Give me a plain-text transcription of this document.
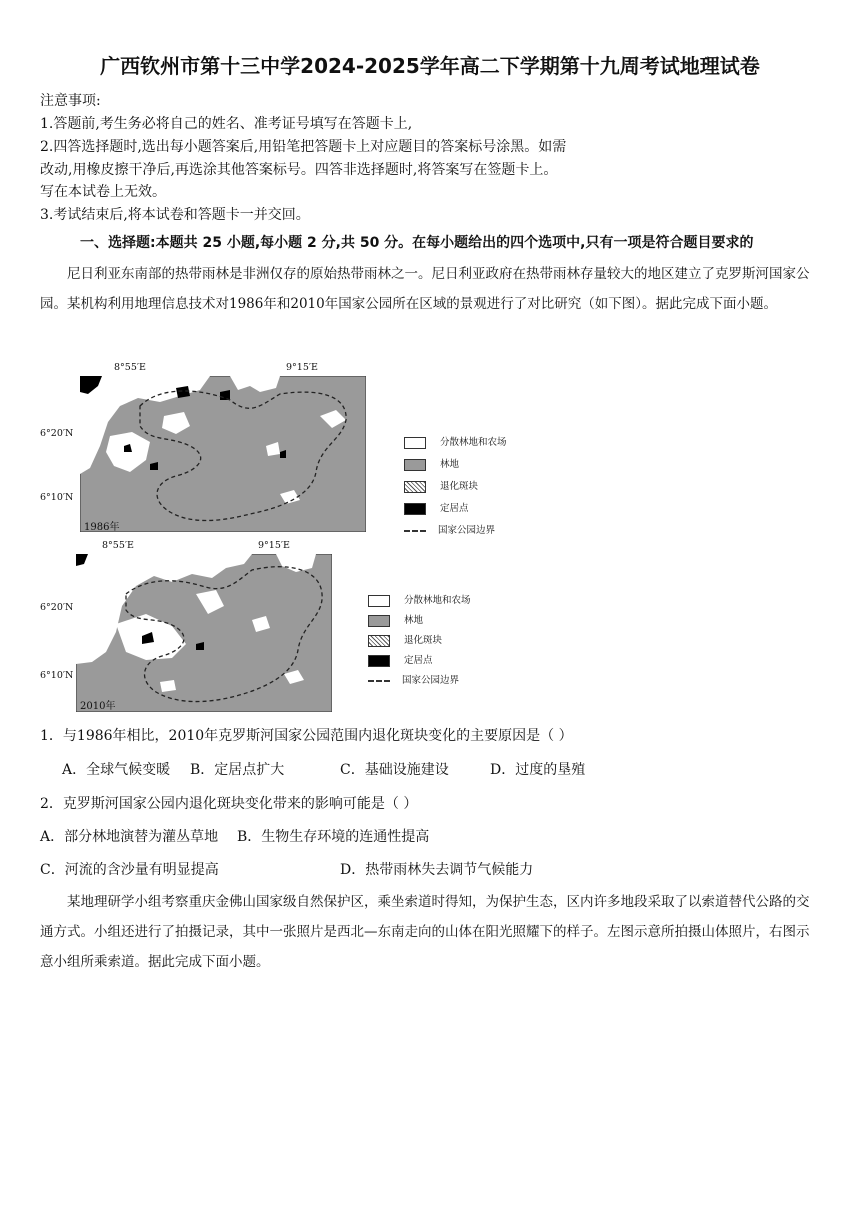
广西钦州市第十三中学2024-2025学年高二下学期第十九周考试地理试卷
注意事项:
1.答题前,考生务必将自己的姓名、准考证号填写在答题卡上,
2.四答选择题时,选出每小题答案后,用铅笔把答题卡上对应题目的答案标号涂黑。如需
改动,用橡皮擦干净后,再选涂其他答案标号。四答非选择题时,将答案写在签题卡上。
写在本试卷上无效。
3.考试结束后,将本试卷和答题卡一并交回。
一、选择题:本题共 25 小题,每小题 2 分,共 50 分。在每小题给出的四个选项中,只有一项是符合题目要求的
尼日利亚东南部的热带雨林是非洲仅存的原始热带雨林之一。尼日利亚政府在热带雨林存量较大的地区建立了克罗斯河国家公园。某机构利用地理信息技术对1986年和2010年国家公园所在区域的景观进行了对比研究（如下图）。据此完成下面小题。
8°55′E	9°15′E
6°20′N
6°10′N
1986年
分散林地和农场
林地
退化斑块
定居点
国家公园边界
8°55′E	9°15′E
6°20′N
6°10′N
2010年
分散林地和农场
林地
退化斑块
定居点
国家公园边界
1．与1986年相比，2010年克罗斯河国家公园范围内退化斑块变化的主要原因是（ ）
A．全球气候变暖 B．定居点扩大	C．基础设施建设	D．过度的垦殖
2．克罗斯河国家公园内退化斑块变化带来的影响可能是（ ）
A．部分林地演替为灌丛草地 B．生物生存环境的连通性提高
C．河流的含沙量有明显提高	D．热带雨林失去调节气候能力
某地理研学小组考察重庆金佛山国家级自然保护区，乘坐索道时得知，为保护生态，区内许多地段采取了以索道替代公路的交通方式。小组还进行了拍摄记录，其中一张照片是西北—东南走向的山体在阳光照耀下的样子。左图示意所拍摄山体照片，右图示意小组所乘索道。据此完成下面小题。
